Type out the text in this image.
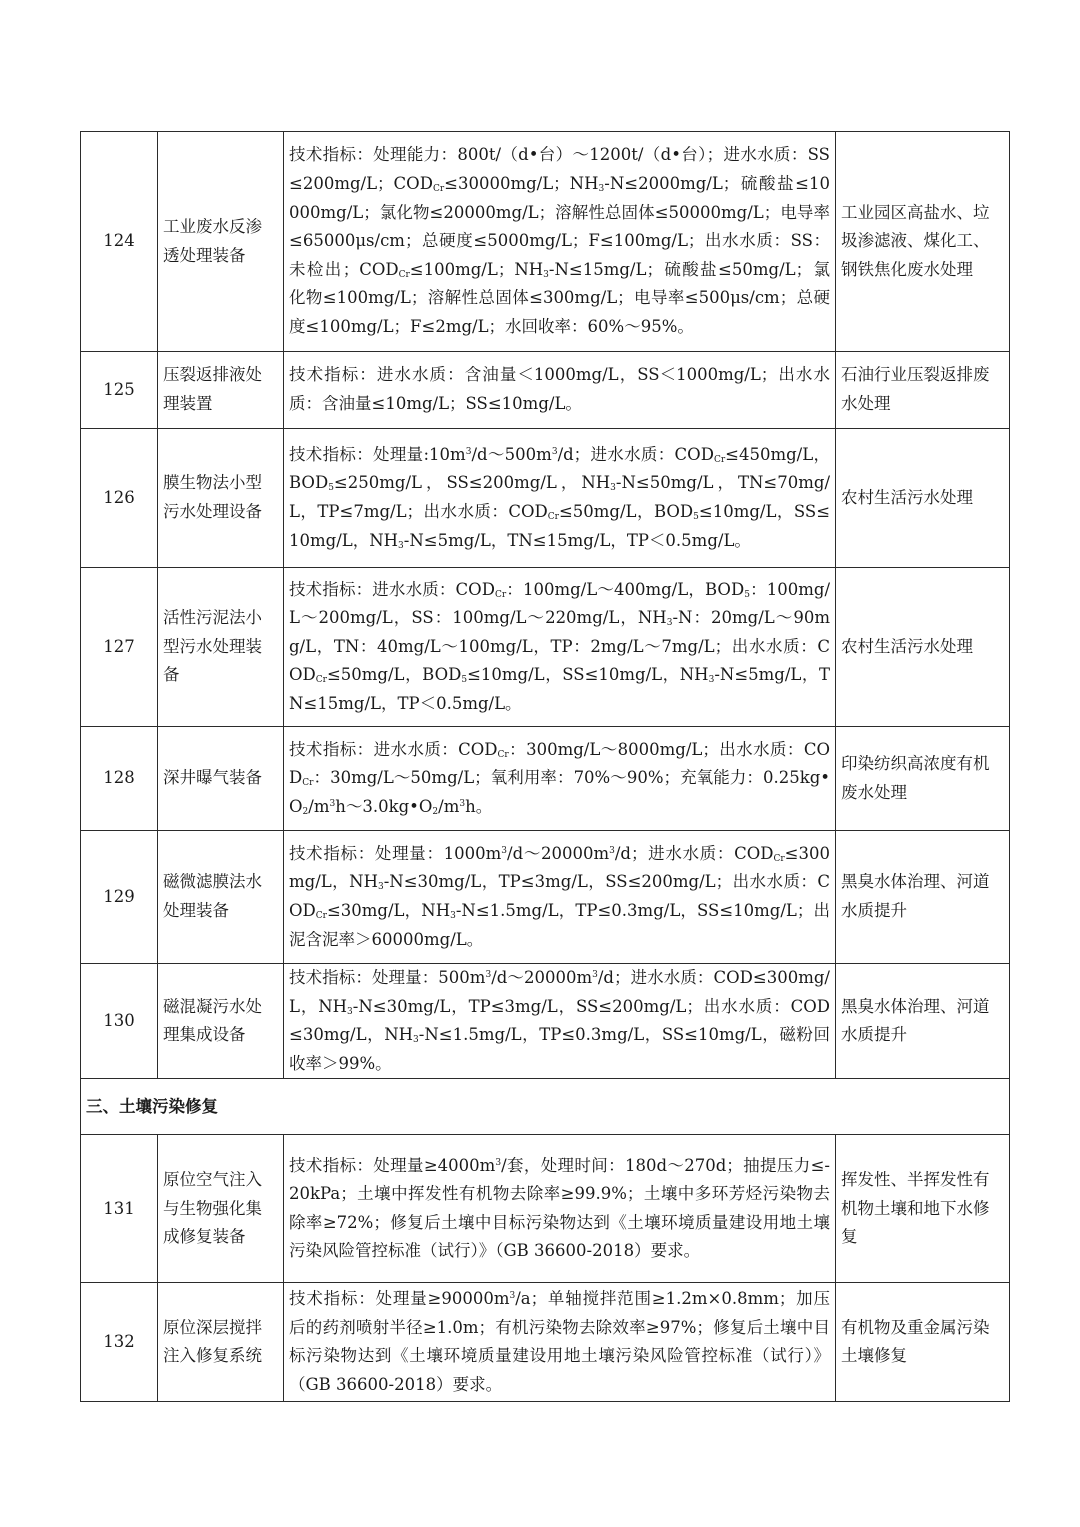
124	工业废水反渗透处理装备	技术指标：处理能力：800t/（d•台）～1200t/（d•台）；进水水质：SS≤200mg/L；$COD_{Cr}\le 30000mg/L$；$NH_3-N\le 2000mg/L$；硫酸盐≤10000mg/L；氯化物≤20000mg/L；溶解性总固体≤50000mg/L；电导率≤65000μs/cm；总硬度≤5000mg/L；F≤100mg/L；出水水质：SS：未检出；$COD_{Cr}\le 100mg/L$；$NH_3-N\le 15mg/L$；硫酸盐≤50mg/L；氯化物≤100mg/L；溶解性总固体≤300mg/L；电导率≤500μs/cm；总硬度≤100mg/L；F≤2mg/L；水回收率：60%～95%。	工业园区高盐水、垃圾渗滤液、煤化工、钢铁焦化废水处理
125	压裂返排液处理装置	技术指标：进水水质：含油量＜1000mg/L，SS＜1000mg/L；出水水质：含油量≤10mg/L；SS≤10mg/L。	石油行业压裂返排废水处理
126	膜生物法小型污水处理设备	技术指标：处理量$:10m^3/d\sim 500m^3/d$；进水水质：$COD_{Cr}\le 450mg/L$，$BOD_5\le 250mg/L$，SS≤200mg/L，$NH_3-N\le 50mg/L$，TN≤70mg/L，TP≤7mg/L；出水水质：$COD_{Cr}\le 50mg/L$，$BOD_5\le 10mg/L$，SS≤10mg/L，$NH_3-N\le 5mg/L$，TN≤15mg/L，TP＜0.5mg/L。	农村生活污水处理
127	活性污泥法小型污水处理装备	技术指标：进水水质：$COD_{Cr}$：100mg/L～400mg/L，$BOD_5$：100mg/L～200mg/L，SS：100mg/L～220mg/L，$NH_3-N$：20mg/L～90mg/L，TN：40mg/L～100mg/L，TP：2mg/L～7mg/L；出水水质：$COD_{Cr}\le 50mg/L$，$BOD_5\le 10mg/L$，SS≤10mg/L，$NH_3-N\le 5mg/L$，TN≤15mg/L，TP＜0.5mg/L。	农村生活污水处理
128	深井曝气装备	技术指标：进水水质：$COD_{Cr}$：300mg/L～8000mg/L；出水水质：$COD_{Cr}$：30mg/L～50mg/L；氧利用率：70%～90%；充氧能力：$0.25kg•O_2/m^3h\sim 3.0kg•O_2/m^3h$。	印染纺织高浓度有机废水处理
129	磁微滤膜法水处理装备	技术指标：处理量：$1000m^3/d\sim 20000m^3/d$；进水水质：$COD_{Cr}\le 300mg/L$，$NH_3-N\le 30mg/L$，TP≤3mg/L，SS≤200mg/L；出水水质：$COD_{Cr}\le 30mg/L$，$NH_3-N\le 1.5mg/L$，TP≤0.3mg/L，SS≤10mg/L；出泥含泥率＞60000mg/L。	黑臭水体治理、河道水质提升
130	磁混凝污水处理集成设备	技术指标：处理量：$500m^3/d\sim 20000m^3/d$；进水水质：COD≤300mg/L，$NH_3-N\le 30mg/L$，TP≤3mg/L，SS≤200mg/L；出水水质：COD≤30mg/L，$NH_3-N\le 1.5mg/L$，TP≤0.3mg/L，SS≤10mg/L，磁粉回收率＞99%。	黑臭水体治理、河道水质提升
三、土壤污染修复			
131	原位空气注入与生物强化集成修复装备	技术指标：处理量$\ge 4000m^3/$套，处理时间：180d～270d；抽提压力≤-20kPa；土壤中挥发性有机物去除率≥99.9%；土壤中多环芳烃污染物去除率≥72%；修复后土壤中目标污染物达到《土壤环境质量建设用地土壤污染风险管控标准（试行）》（GB 36600-2018）要求。	挥发性、半挥发性有机物土壤和地下水修复
132	原位深层搅拌注入修复系统	技术指标：处理量$\ge 90000m^3/a$；单轴搅拌范围≥1.2m×0.8mm；加压后的药剂喷射半径≥1.0m；有机污染物去除效率≥97%；修复后土壤中目标污染物达到《土壤环境质量建设用地土壤污染风险管控标准（试行）》（GB 36600-2018）要求。	有机物及重金属污染土壤修复
